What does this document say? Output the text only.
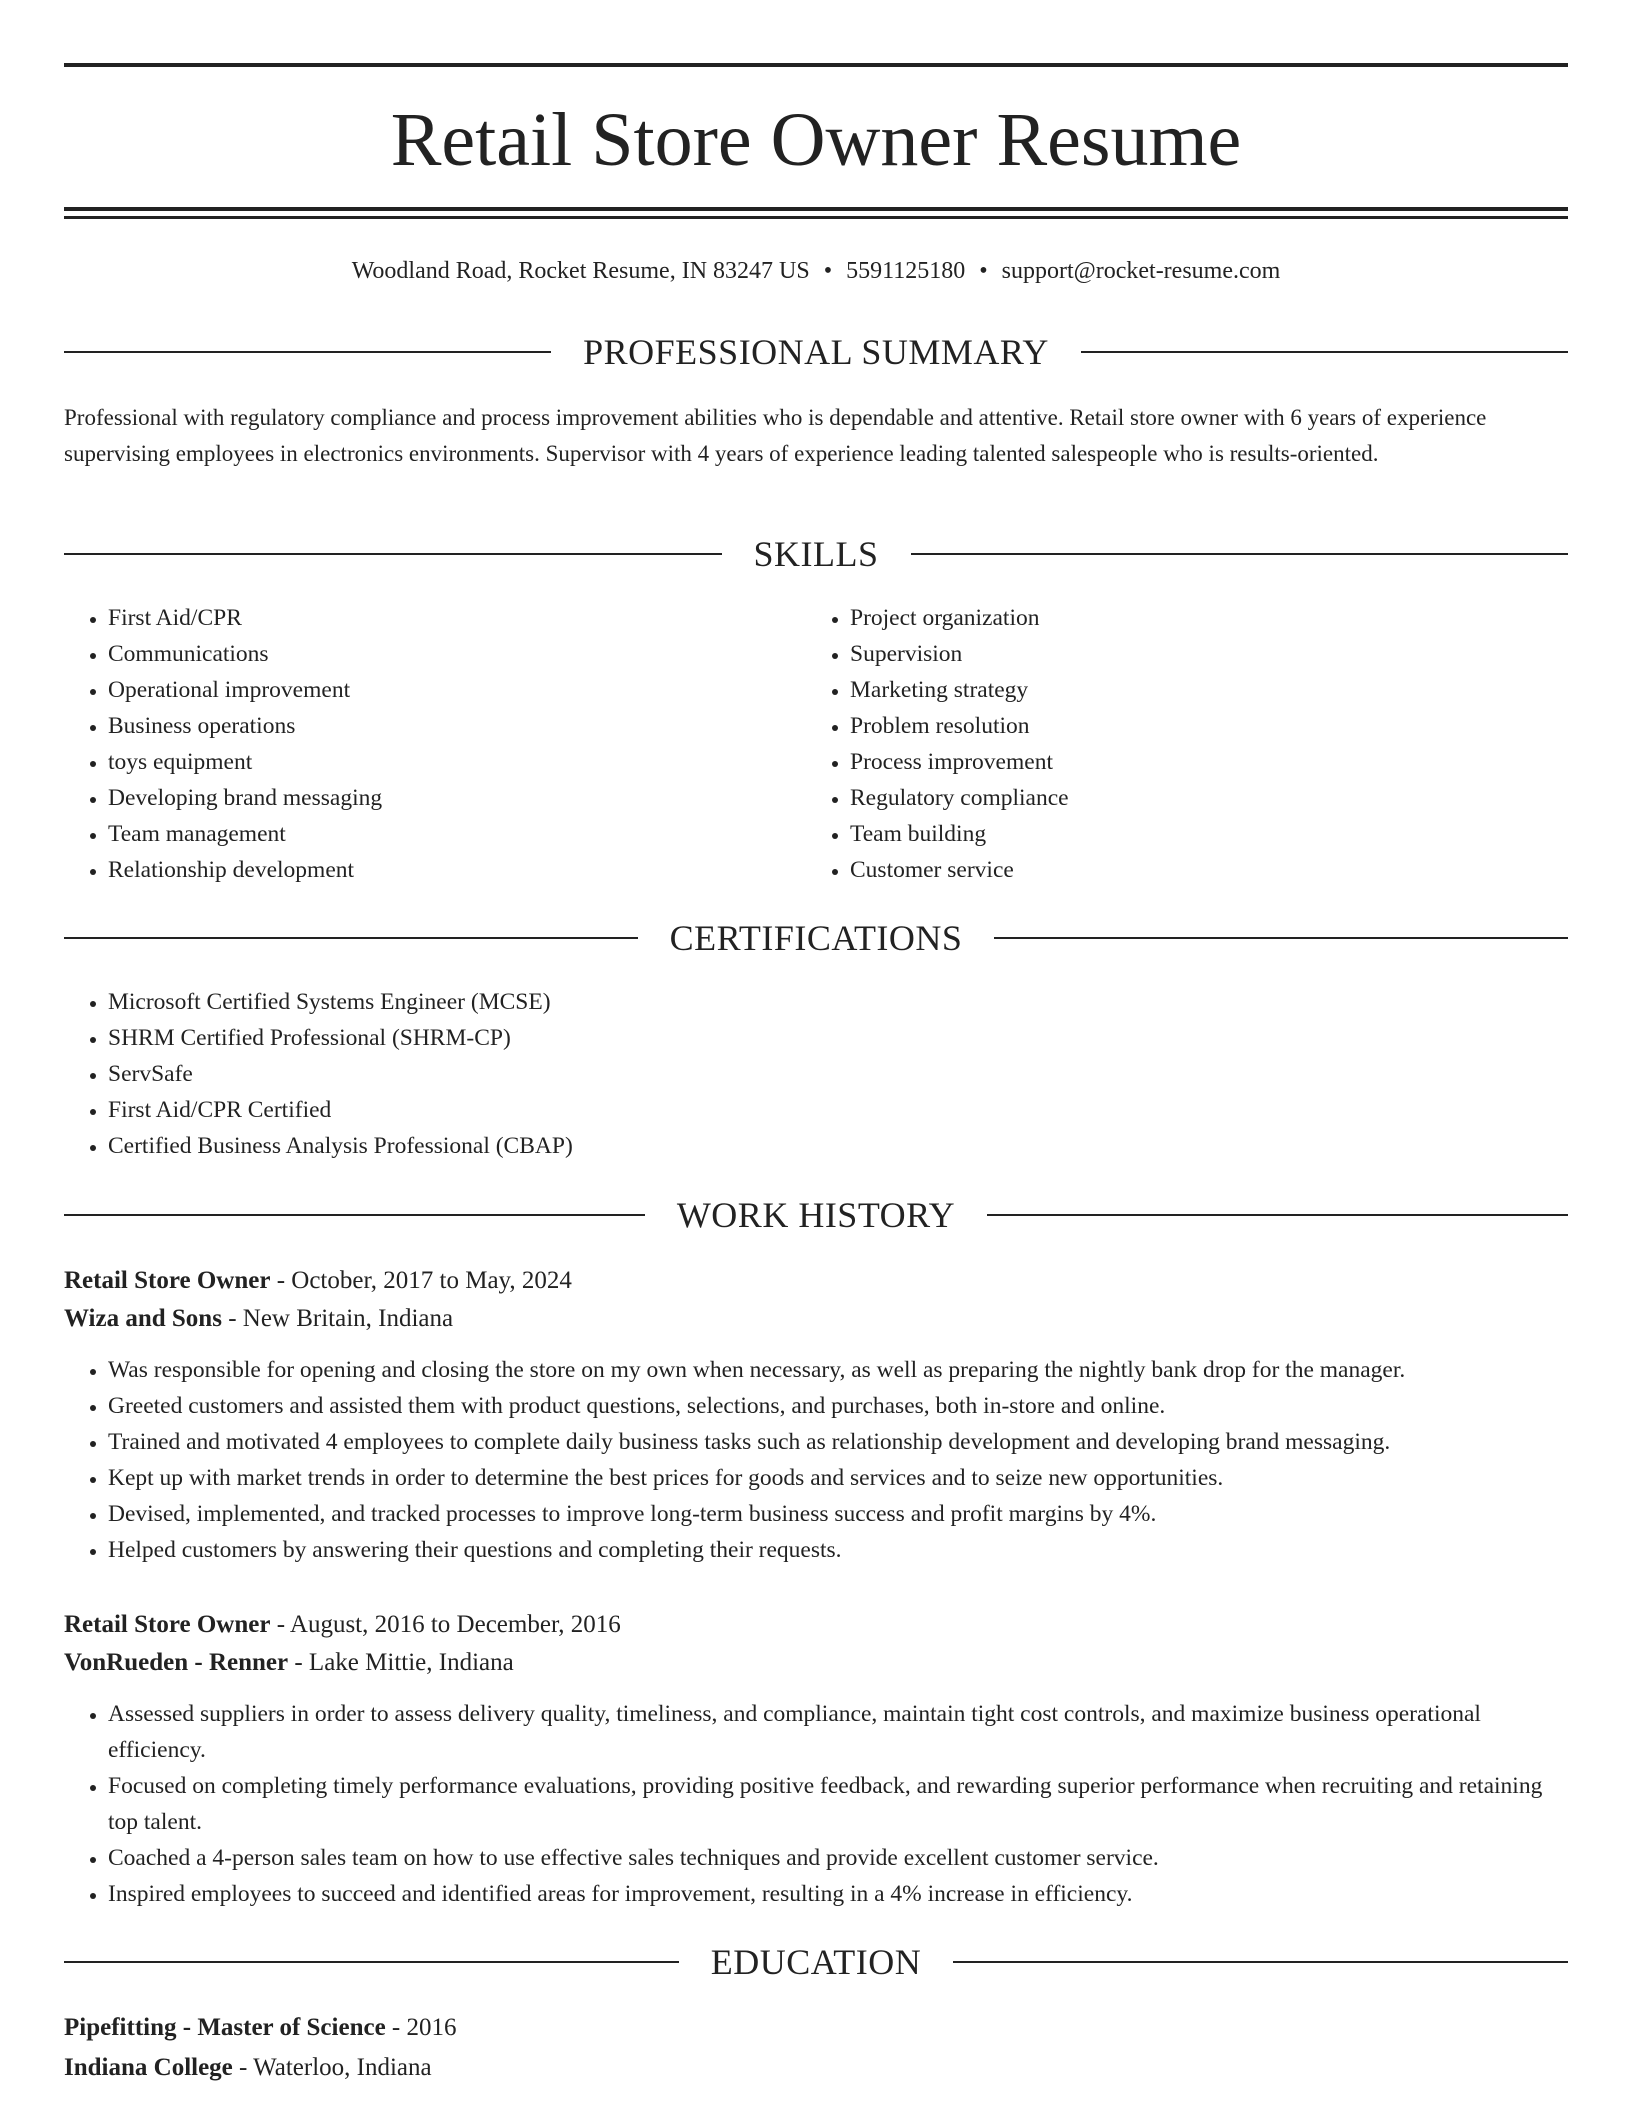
Retail Store Owner Resume
Woodland Road, Rocket Resume, IN 83247 US • 5591125180 • support@rocket-resume.com
PROFESSIONAL SUMMARY

Professional with regulatory compliance and process improvement abilities who is dependable and attentive. Retail store owner with 6 years of experience supervising employees in electronics environments. Supervisor with 4 years of experience leading talented salespeople who is results-oriented.

SKILLS
• First Aid/CPR
• Communications
• Operational improvement
• Business operations
• toys equipment
• Developing brand messaging
• Team management
• Relationship development
• Project organization
• Supervision
• Marketing strategy
• Problem resolution
• Process improvement
• Regulatory compliance
• Team building
• Customer service
CERTIFICATIONS
• Microsoft Certified Systems Engineer (MCSE)
• SHRM Certified Professional (SHRM-CP)
• ServSafe
• First Aid/CPR Certified
• Certified Business Analysis Professional (CBAP)
WORK HISTORY
Retail Store Owner - October, 2017 to May, 2024
Wiza and Sons - New Britain, Indiana
• Was responsible for opening and closing the store on my own when necessary, as well as preparing the nightly bank drop for the manager.
• Greeted customers and assisted them with product questions, selections, and purchases, both in-store and online.
• Trained and motivated 4 employees to complete daily business tasks such as relationship development and developing brand messaging.
• Kept up with market trends in order to determine the best prices for goods and services and to seize new opportunities.
• Devised, implemented, and tracked processes to improve long-term business success and profit margins by 4%.
• Helped customers by answering their questions and completing their requests.
Retail Store Owner - August, 2016 to December, 2016
VonRueden - Renner - Lake Mittie, Indiana
• Assessed suppliers in order to assess delivery quality, timeliness, and compliance, maintain tight cost controls, and maximize business operational efficiency.
• Focused on completing timely performance evaluations, providing positive feedback, and rewarding superior performance when recruiting and retaining top talent.
• Coached a 4-person sales team on how to use effective sales techniques and provide excellent customer service.
• Inspired employees to succeed and identified areas for improvement, resulting in a 4% increase in efficiency.
EDUCATION
Pipefitting - Master of Science - 2016
Indiana College - Waterloo, Indiana
